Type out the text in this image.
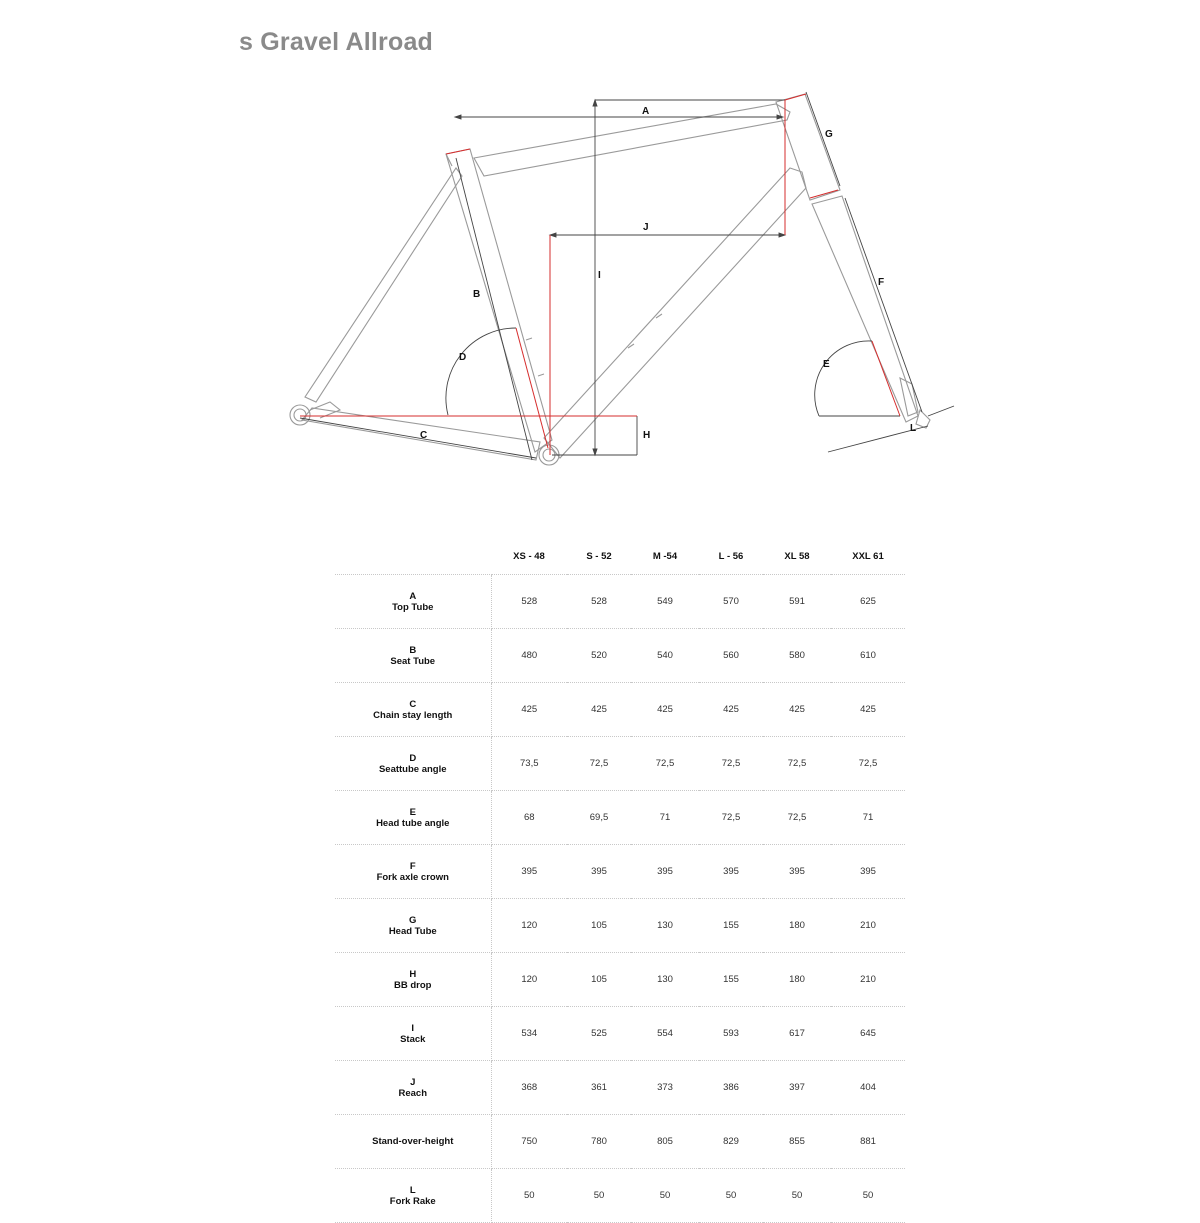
s Gravel Allroad
A
B
C
D
E
F
G
H
I
J
L
	XS - 48	S - 52	M -54	L - 56	XL 58	XXL 61

A
Top Tube	528	528	549	570	591	625

B
Seat Tube	480	520	540	560	580	610

C
Chain stay length	425	425	425	425	425	425

D
Seattube angle	73,5	72,5	72,5	72,5	72,5	72,5

E
Head tube angle	68	69,5	71	72,5	72,5	71

F
Fork axle crown	395	395	395	395	395	395

G
Head Tube	120	105	130	155	180	210

H
BB drop	120	105	130	155	180	210

I
Stack	534	525	554	593	617	645

J
Reach	368	361	373	386	397	404

Stand-over-height	750	780	805	829	855	881

L
Fork Rake	50	50	50	50	50	50
